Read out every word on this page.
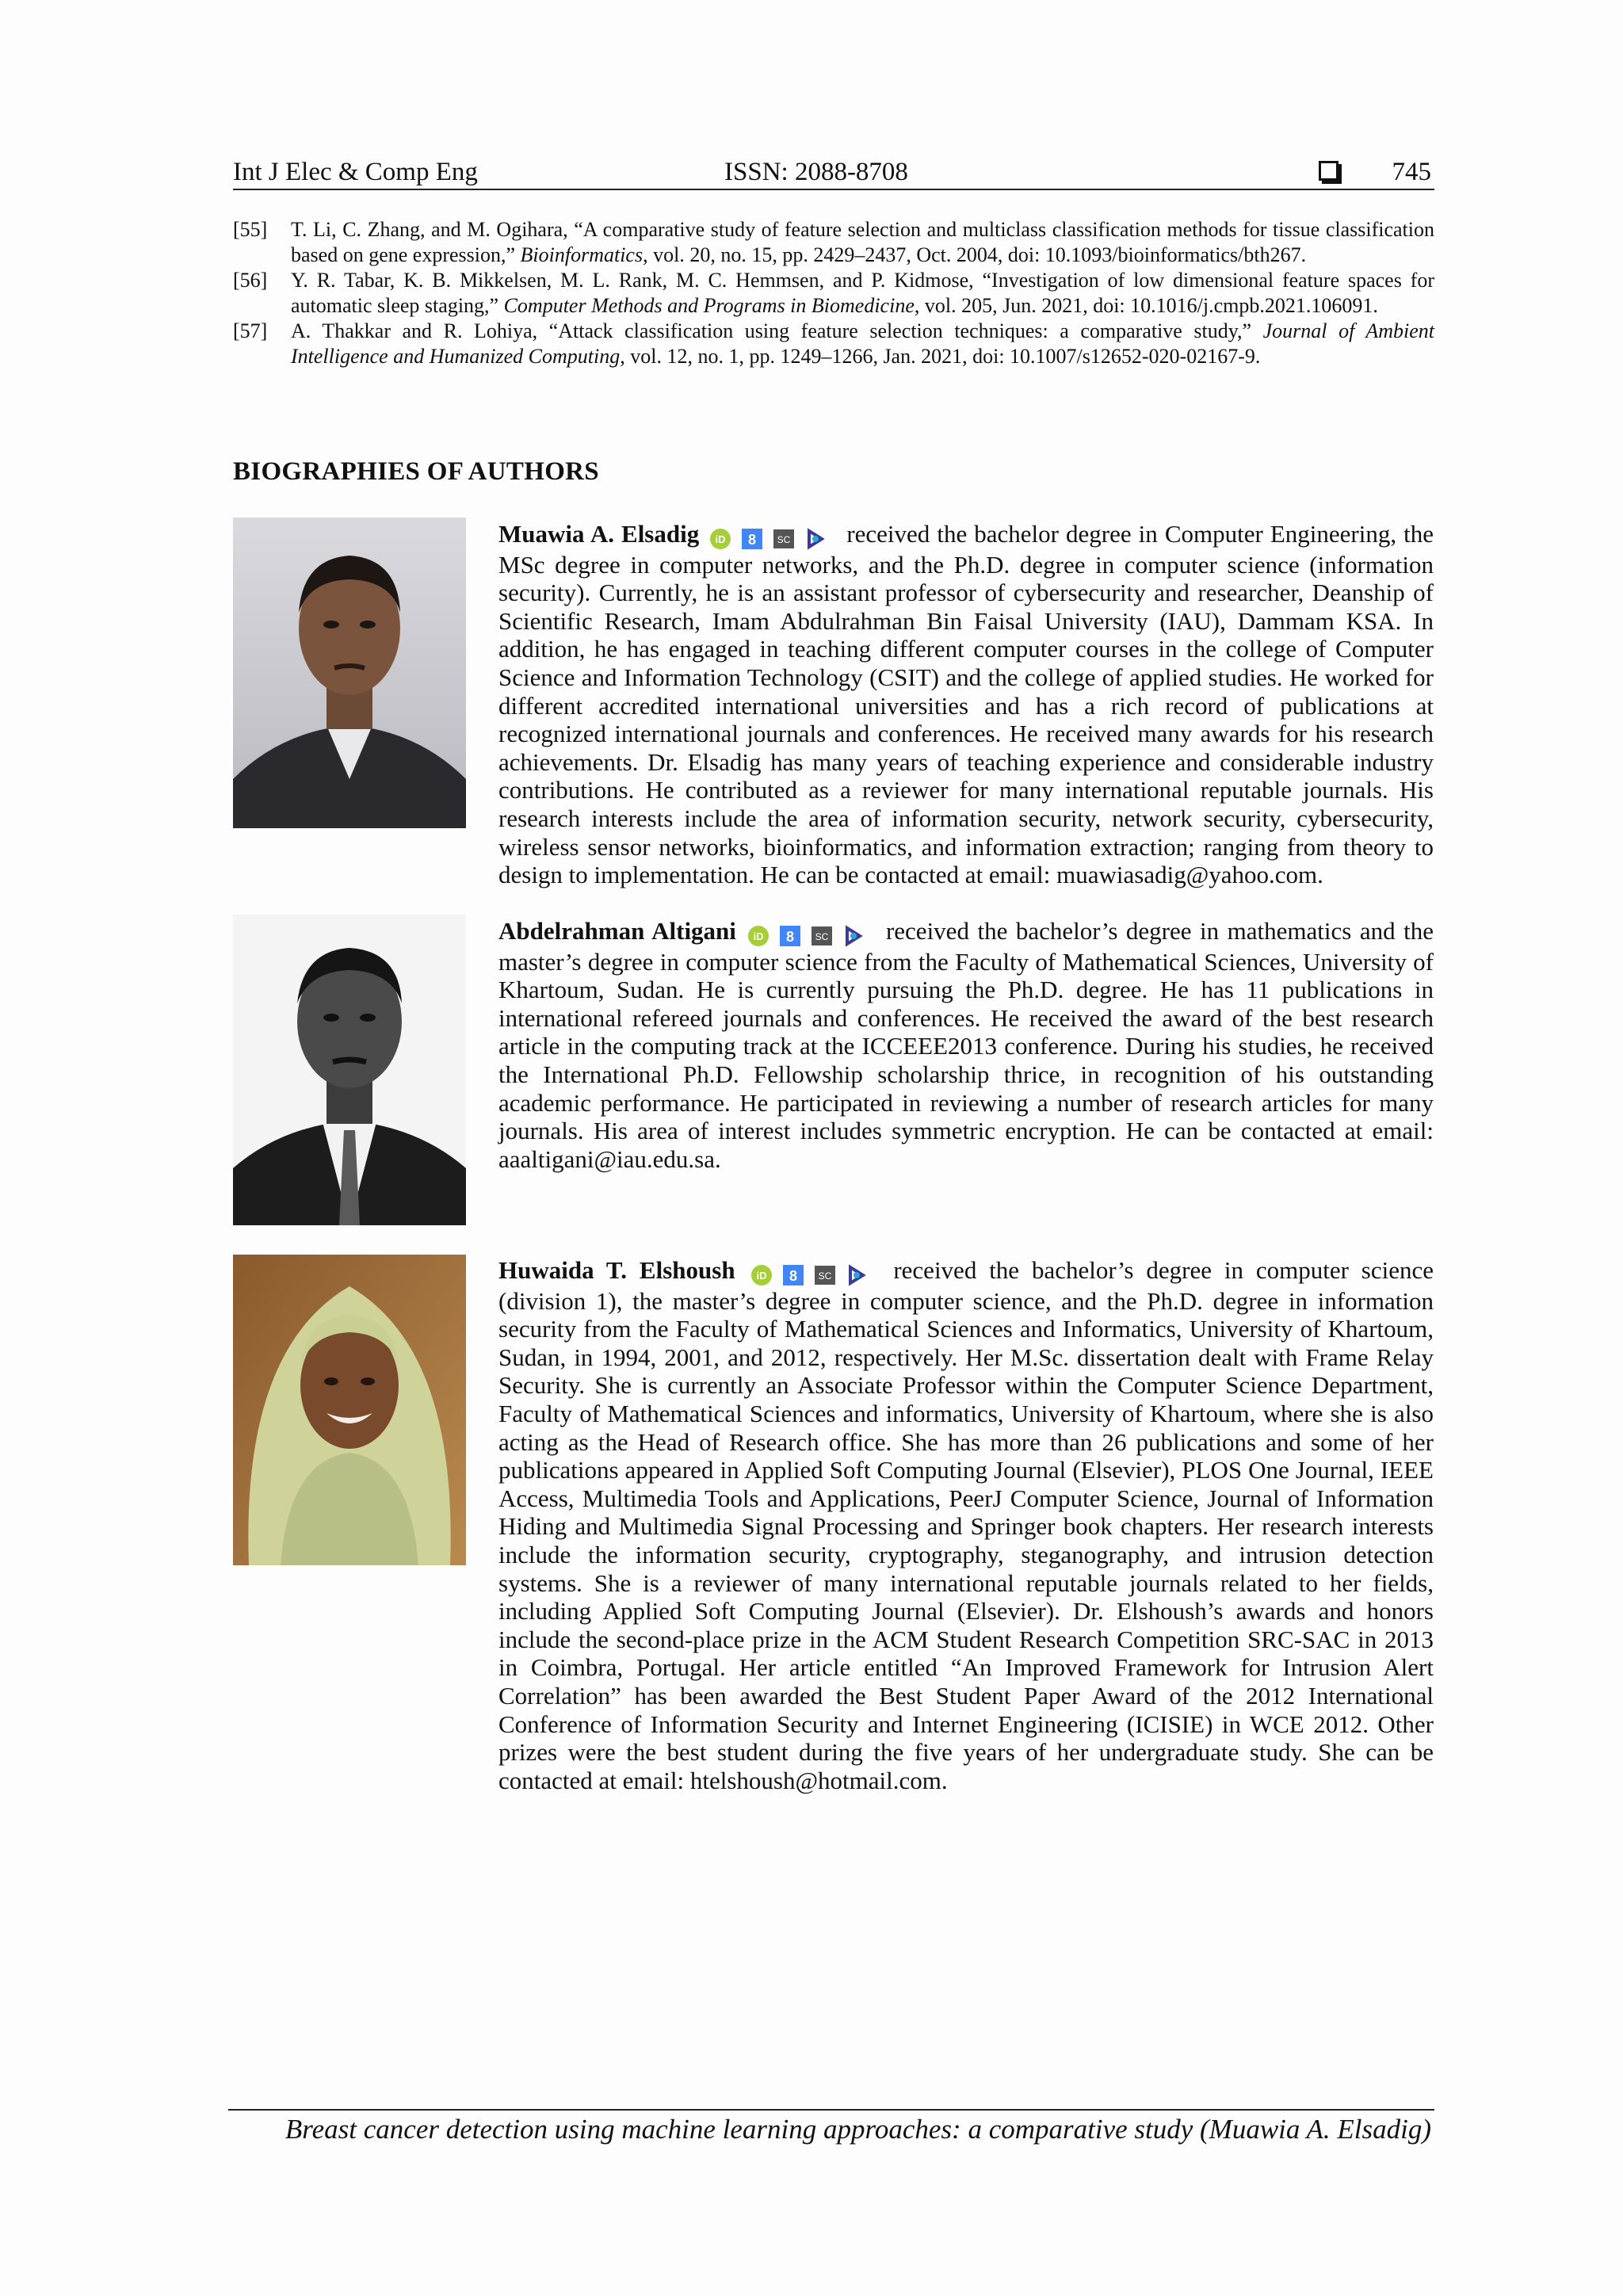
Int J Elec & Comp Eng	ISSN: 2088-8708	745
[55] T. Li, C. Zhang, and M. Ogihara, “A comparative study of feature selection and multiclass classification methods for tissue classification based on gene expression,” Bioinformatics, vol. 20, no. 15, pp. 2429–2437, Oct. 2004, doi: 10.1093/bioinformatics/bth267.
[56] Y. R. Tabar, K. B. Mikkelsen, M. L. Rank, M. C. Hemmsen, and P. Kidmose, “Investigation of low dimensional feature spaces for automatic sleep staging,” Computer Methods and Programs in Biomedicine, vol. 205, Jun. 2021, doi: 10.1016/j.cmpb.2021.106091.
[57] A. Thakkar and R. Lohiya, “Attack classification using feature selection techniques: a comparative study,” Journal of Ambient Intelligence and Humanized Computing, vol. 12, no. 1, pp. 1249–1266, Jan. 2021, doi: 10.1007/s12652-020-02167-9.
BIOGRAPHIES OF AUTHORS
Muawia A. Elsadig iD 8 SC received the bachelor degree in Computer Engineering, the MSc degree in computer networks, and the Ph.D. degree in computer science (information security). Currently, he is an assistant professor of cybersecurity and researcher, Deanship of Scientific Research, Imam Abdulrahman Bin Faisal University (IAU), Dammam KSA. In addition, he has engaged in teaching different computer courses in the college of Computer Science and Information Technology (CSIT) and the college of applied studies. He worked for different accredited international universities and has a rich record of publications at recognized international journals and conferences. He received many awards for his research achievements. Dr. Elsadig has many years of teaching experience and considerable industry contributions. He contributed as a reviewer for many international reputable journals. His research interests include the area of information security, network security, cybersecurity, wireless sensor networks, bioinformatics, and information extraction; ranging from theory to design to implementation. He can be contacted at email: muawiasadig@yahoo.com.
Abdelrahman Altigani iD 8 SC received the bachelor’s degree in mathematics and the master’s degree in computer science from the Faculty of Mathematical Sciences, University of Khartoum, Sudan. He is currently pursuing the Ph.D. degree. He has 11 publications in international refereed journals and conferences. He received the award of the best research article in the computing track at the ICCEEE2013 conference. During his studies, he received the International Ph.D. Fellowship scholarship thrice, in recognition of his outstanding academic performance. He participated in reviewing a number of research articles for many journals. His area of interest includes symmetric encryption. He can be contacted at email: aaaltigani@iau.edu.sa.
Huwaida T. Elshoush iD 8 SC	received the bachelor’s degree in computer science (division 1), the master’s degree in computer science, and the Ph.D. degree in information security from the Faculty of Mathematical Sciences and Informatics, University of Khartoum, Sudan, in 1994, 2001, and 2012, respectively. Her M.Sc. dissertation dealt with Frame Relay Security. She is currently an Associate Professor within the Computer Science Department, Faculty of Mathematical Sciences and informatics, University of Khartoum, where she is also acting as the Head of Research office. She has more than 26 publications and some of her publications appeared in Applied Soft Computing Journal (Elsevier), PLOS One Journal, IEEE Access, Multimedia Tools and Applications, PeerJ Computer Science, Journal of Information Hiding and Multimedia Signal Processing and Springer book chapters. Her research interests include the information security, cryptography, steganography, and intrusion detection systems. She is a reviewer of many international reputable journals related to her fields, including Applied Soft Computing Journal (Elsevier). Dr. Elshoush’s awards and honors include the second-place prize in the ACM Student Research Competition SRC-SAC in 2013 in Coimbra, Portugal. Her article entitled “An Improved Framework for Intrusion Alert Correlation” has been awarded the Best Student Paper Award of the 2012 International Conference of Information Security and Internet Engineering (ICISIE) in WCE 2012. Other prizes were the best student during the five years of her undergraduate study. She can be contacted at email: htelshoush@hotmail.com.
Breast cancer detection using machine learning approaches: a comparative study (Muawia A. Elsadig)
